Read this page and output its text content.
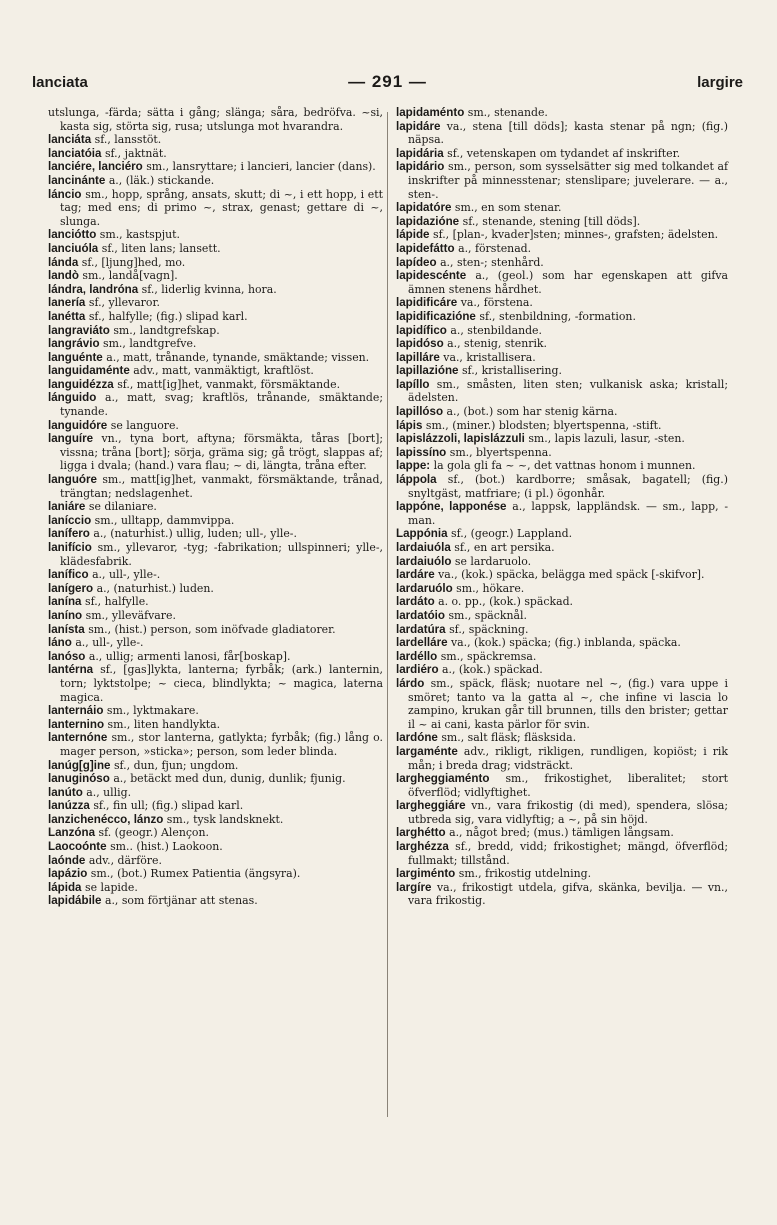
lanciata	— 291 —	largire

utslunga, -färda; sätta i gång; slänga; såra, bedröfva. ~si, kasta sig, störta sig, rusa; utslunga mot hvarandra.

lanciáta sf., lansstöt.

lanciatóia sf., jaktnät.

lanciére, lanciéro sm., lansryttare; i lancieri, lancier (dans).

lancinánte a., (läk.) stickande.

láncio sm., hopp, språng, ansats, skutt; di ~, i ett hopp, i ett tag; med ens; di primo ~, strax, genast; gettare di ~, slunga.

lanciótto sm., kastspjut.

lanciuóla sf., liten lans; lansett.

lánda sf., [ljung]hed, mo.

landò sm., landå[vagn].

lándra, landróna sf., liderlig kvinna, hora.

lanería sf., yllevaror.

lanétta sf., halfylle; (fig.) slipad karl.

langraviáto sm., landtgrefskap.

langrávio sm., landtgrefve.

languénte a., matt, trånande, tynande, smäktande; vissen.

languidaménte adv., matt, vanmäktigt, kraftlöst.

languidézza sf., matt[ig]het, vanmakt, försmäktande.

lánguido a., matt, svag; kraftlös, trånande, smäktande; tynande.

languidóre se languore.

languíre vn., tyna bort, aftyna; försmäkta, tåras [bort]; vissna; tråna [bort]; sörja, gräma sig; gå trögt, slappas af; ligga i dvala; (hand.) vara flau; ~ di, längta, tråna efter.

languóre sm., matt[ig]het, vanmakt, försmäktande, trånad, trängtan; nedslagenhet.

laniáre se dilaniare.

laníccio sm., ulltapp, dammvippa.

lanífero a., (naturhist.) ullig, luden; ull-, ylle-.

lanifício sm., yllevaror, -tyg; -fabrikation; ullspinneri; ylle-, klädesfabrik.

lanífico a., ull-, ylle-.

lanígero a., (naturhist.) luden.

lanína sf., halfylle.

laníno sm., ylleväfvare.

lanísta sm., (hist.) person, som inöfvade gladiatorer.

láno a., ull-, ylle-.

lanóso a., ullig; armenti lanosi, får[boskap].

lantérna sf., [gas]lykta, lanterna; fyrbåk; (ark.) lanternin, torn; lyktstolpe; ~ cieca, blindlykta; ~ magica, laterna magica.

lanternáio sm., lyktmakare.

lanternino sm., liten handlykta.

lanternóne sm., stor lanterna, gatlykta; fyrbåk; (fig.) lång o. mager person, »sticka»; person, som leder blinda.

lanúg[g]ine sf., dun, fjun; ungdom.

lanuginóso a., betäckt med dun, dunig, dunlik; fjunig.

lanúto a., ullig.

lanúzza sf., fin ull; (fig.) slipad karl.

lanzichenécco, lánzo sm., tysk landsknekt.

Lanzóna sf. (geogr.) Alençon.

Laocoónte sm.. (hist.) Laokoon.

laónde adv., därföre.

lapázio sm., (bot.) Rumex Patientia (ängsyra).

lápida se lapide.

lapidábile a., som förtjänar att stenas.

lapidaménto sm., stenande.

lapidáre va., stena [till döds]; kasta stenar på ngn; (fig.) näpsa.

lapidária sf., vetenskapen om tydandet af inskrifter.

lapidário sm., person, som sysselsätter sig med tolkandet af inskrifter på minnesstenar; stenslipare; juvelerare. — a., sten-.

lapidatóre sm., en som stenar.

lapidazióne sf., stenande, stening [till döds].

lápide sf., [plan-, kvader]sten; minnes-, grafsten; ädelsten.

lapidefátto a., förstenad.

lapídeo a., sten-; stenhård.

lapidescénte a., (geol.) som har egenskapen att gifva ämnen stenens hårdhet.

lapidificáre va., förstena.

lapidificazióne sf., stenbildning, -formation.

lapidífico a., stenbildande.

lapidóso a., stenig, stenrik.

lapilláre va., kristallisera.

lapillazióne sf., kristallisering.

lapíllo sm., småsten, liten sten; vulkanisk aska; kristall; ädelsten.

lapillóso a., (bot.) som har stenig kärna.

lápis sm., (miner.) blodsten; blyertspenna, -stift.

lapislázzoli, lapislázzuli sm., lapis lazuli, lasur, -sten.

lapissíno sm., blyertspenna.

lappe: la gola gli fa ~ ~, det vattnas honom i munnen.

láppola sf., (bot.) kardborre; småsak, bagatell; (fig.) snyltgäst, matfriare; (i pl.) ögonhår.

lappóne, lapponése a., lappsk, lappländsk. — sm., lapp, -man.

Lappónia sf., (geogr.) Lappland.

lardaiuóla sf., en art persika.

lardaiuólo se lardaruolo.

lardáre va., (kok.) späcka, belägga med späck [-skifvor].

lardaruólo sm., hökare.

lardáto a. o. pp., (kok.) späckad.

lardatóio sm., späcknål.

lardatúra sf., späckning.

lardelláre va., (kok.) späcka; (fig.) inblanda, späcka.

lardéllo sm., späckremsa.

lardiéro a., (kok.) späckad.

lárdo sm., späck, fläsk; nuotare nel ~, (fig.) vara uppe i smöret; tanto va la gatta al ~, che infine vi lascia lo zampino, krukan går till brunnen, tills den brister; gettar il ~ ai cani, kasta pärlor för svin.

lardóne sm., salt fläsk; fläsksida.

largaménte adv., rikligt, rikligen, rundligen, kopiöst; i rik mån; i breda drag; vidsträckt.

largheggiaménto sm., frikostighet, liberalitet; stort öfverflöd; vidlyftighet.

largheggiáre vn., vara frikostig (di med), spendera, slösa; utbreda sig, vara vidlyftig; a ~, på sin höjd.

larghétto a., något bred; (mus.) tämligen långsam.

larghézza sf., bredd, vidd; frikostighet; mängd, öfverflöd; fullmakt; tillstånd.

largiménto sm., frikostig utdelning.

largíre va., frikostigt utdela, gifva, skänka, bevilja. — vn., vara frikostig.
